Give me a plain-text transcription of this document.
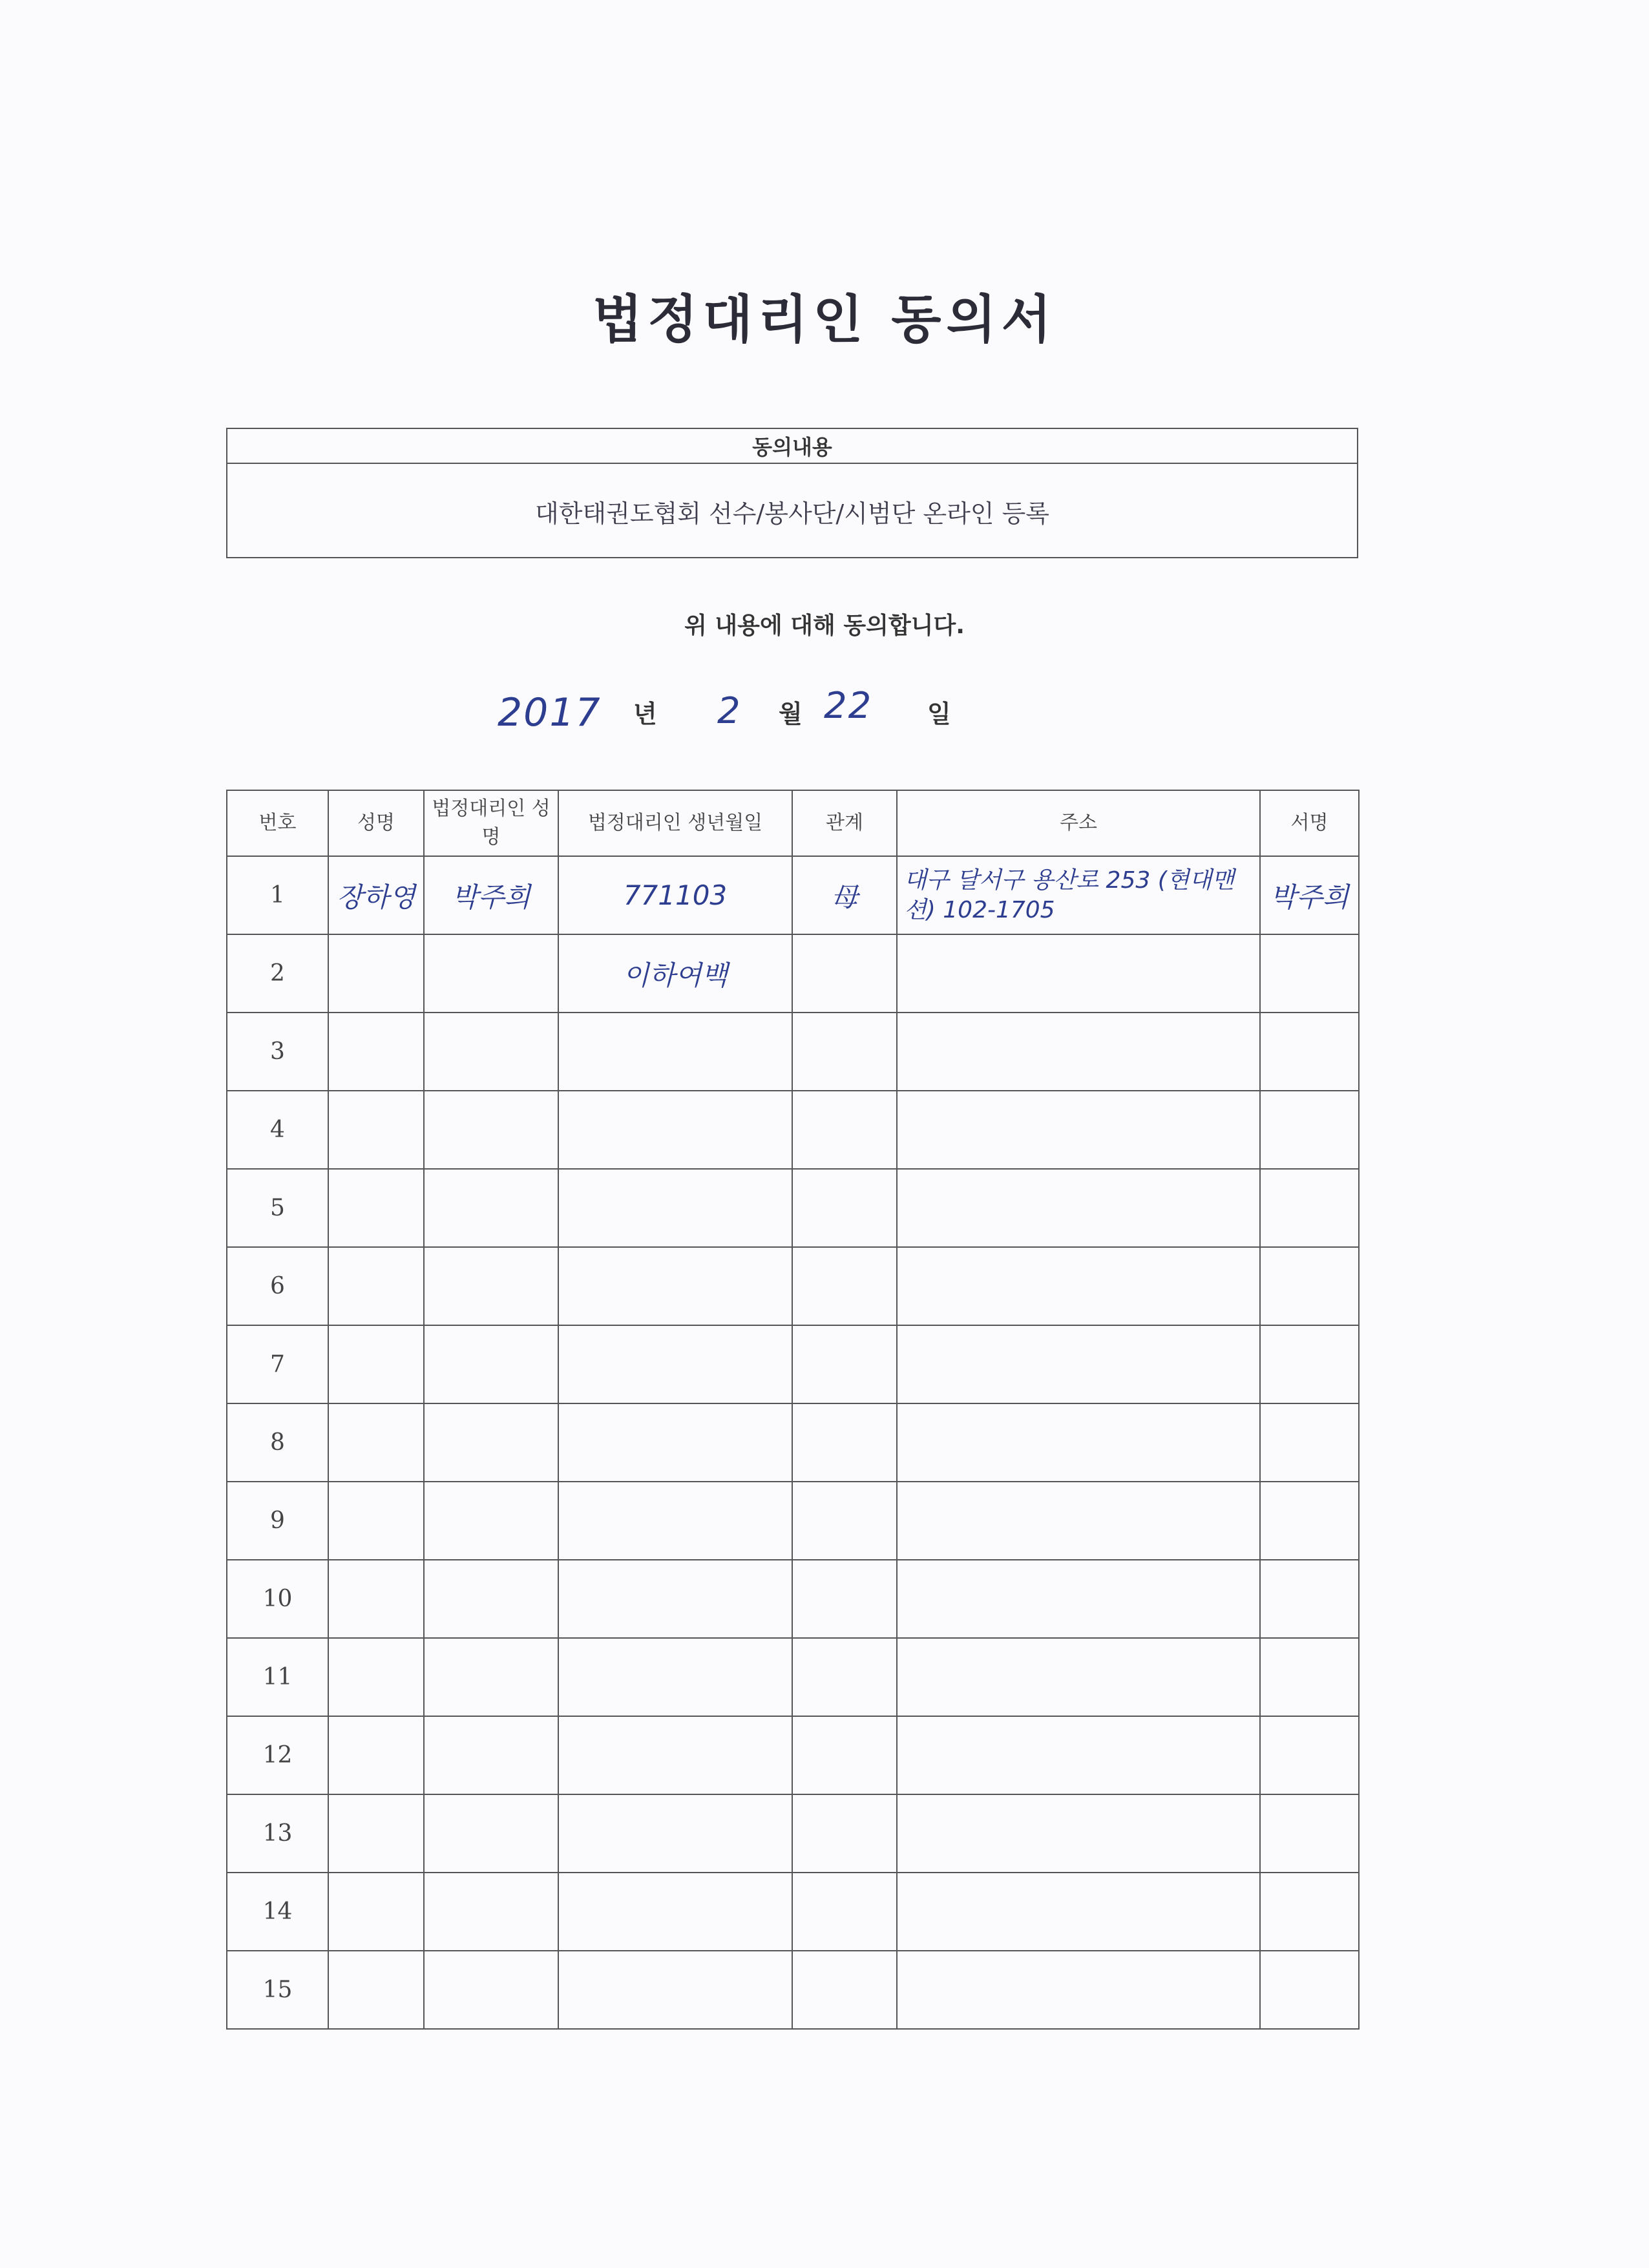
법정대리인 동의서
동의내용
대한태권도협회 선수/봉사단/시범단 온라인 등록
위 내용에 대해 동의합니다.
2017 년 2 월 22 일
번호	성명	법정대리인 성명	법정대리인 생년월일	관계	주소	서명
1	장하영	박주희	771103	母	대구 달서구 용산로 253 (현대맨션) 102-1705	박주희
2			이하여백			
3						
4						
5						
6						
7						
8						
9						
10						
11						
12						
13						
14						
15						
